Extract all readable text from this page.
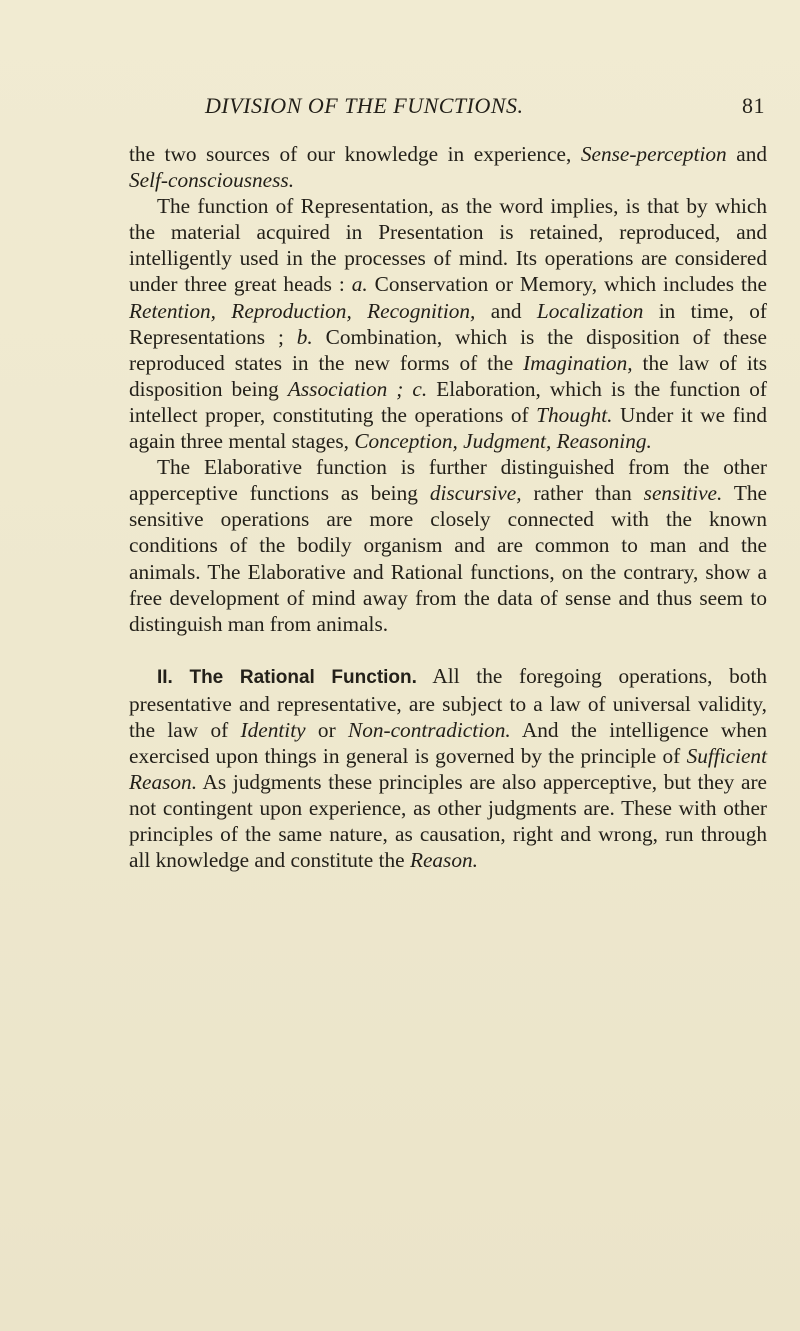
DIVISION OF THE FUNCTIONS.	81

the two sources of our knowledge in experience, Sense-perception and Self-consciousness.

The function of Representation, as the word implies, is that by which the material acquired in Presentation is retained, reproduced, and intelligently used in the processes of mind. Its operations are considered under three great heads : a. Conservation or Memory, which includes the Retention, Reproduction, Recognition, and Localization in time, of Representations ; b. Combination, which is the disposition of these reproduced states in the new forms of the Imagination, the law of its disposition being Association ; c. Elaboration, which is the function of intellect proper, constituting the operations of Thought. Under it we find again three mental stages, Conception, Judgment, Reasoning.

The Elaborative function is further distinguished from the other apperceptive functions as being discursive, rather than sensitive. The sensitive operations are more closely connected with the known conditions of the bodily organism and are common to man and the animals. The Elaborative and Rational functions, on the contrary, show a free development of mind away from the data of sense and thus seem to distinguish man from animals.

II. The Rational Function. All the foregoing operations, both presentative and representative, are subject to a law of universal validity, the law of Identity or Non-contradiction. And the intelligence when exercised upon things in general is governed by the principle of Sufficient Reason. As judgments these principles are also apperceptive, but they are not contingent upon experience, as other judgments are. These with other principles of the same nature, as causation, right and wrong, run through all knowledge and constitute the Reason.
